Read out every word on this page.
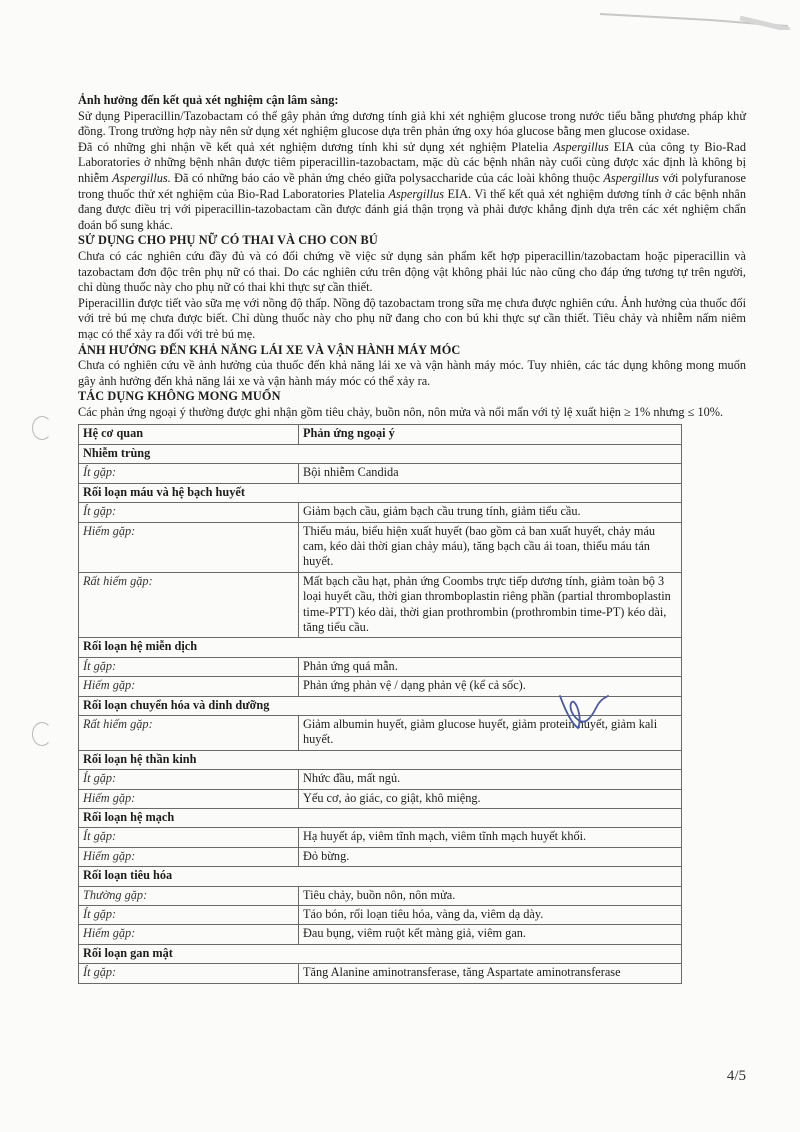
Ảnh hưởng đến kết quả xét nghiệm cận lâm sàng:

Sử dụng Piperacillin/Tazobactam có thể gây phản ứng dương tính giả khi xét nghiệm glucose trong nước tiểu bằng phương pháp khử đồng. Trong trường hợp này nên sử dụng xét nghiệm glucose dựa trên phản ứng oxy hóa glucose bằng men glucose oxidase.

Đã có những ghi nhận về kết quả xét nghiệm dương tính khi sử dụng xét nghiệm Platelia Aspergillus EIA của công ty Bio-Rad Laboratories ở những bệnh nhân được tiêm piperacillin-tazobactam, mặc dù các bệnh nhân này cuối cùng được xác định là không bị nhiễm Aspergillus. Đã có những báo cáo về phản ứng chéo giữa polysaccharide của các loài không thuộc Aspergillus với polyfuranose trong thuốc thử xét nghiệm của Bio-Rad Laboratories Platelia Aspergillus EIA. Vì thế kết quả xét nghiệm dương tính ở các bệnh nhân đang được điều trị với piperacillin-tazobactam cần được đánh giá thận trọng và phải được khẳng định dựa trên các xét nghiệm chẩn đoán bổ sung khác.

SỬ DỤNG CHO PHỤ NỮ CÓ THAI VÀ CHO CON BÚ

Chưa có các nghiên cứu đầy đủ và có đối chứng về việc sử dụng sản phẩm kết hợp piperacillin/tazobactam hoặc piperacillin và tazobactam đơn độc trên phụ nữ có thai. Do các nghiên cứu trên động vật không phải lúc nào cũng cho đáp ứng tương tự trên người, chỉ dùng thuốc này cho phụ nữ có thai khi thực sự cần thiết.

Piperacillin được tiết vào sữa mẹ với nồng độ thấp. Nồng độ tazobactam trong sữa mẹ chưa được nghiên cứu. Ảnh hưởng của thuốc đối với trẻ bú mẹ chưa được biết. Chỉ dùng thuốc này cho phụ nữ đang cho con bú khi thực sự cần thiết. Tiêu chảy và nhiễm nấm niêm mạc có thể xảy ra đối với trẻ bú mẹ.

ẢNH HƯỞNG ĐẾN KHẢ NĂNG LÁI XE VÀ VẬN HÀNH MÁY MÓC

Chưa có nghiên cứu về ảnh hưởng của thuốc đến khả năng lái xe và vận hành máy móc. Tuy nhiên, các tác dụng không mong muốn gây ảnh hưởng đến khả năng lái xe và vận hành máy móc có thể xảy ra.

TÁC DỤNG KHÔNG MONG MUỐN

Các phản ứng ngoại ý thường được ghi nhận gồm tiêu chảy, buồn nôn, nôn mửa và nổi mẩn với tỷ lệ xuất hiện ≥ 1% nhưng ≤ 10%.

Hệ cơ quan	Phản ứng ngoại ý
Nhiễm trùng	
Ít gặp:	Bội nhiễm Candida
Rối loạn máu và hệ bạch huyết	
Ít gặp:	Giảm bạch cầu, giảm bạch cầu trung tính, giảm tiểu cầu.
Hiếm gặp:	Thiếu máu, biểu hiện xuất huyết (bao gồm cả ban xuất huyết, chảy máu cam, kéo dài thời gian chảy máu), tăng bạch cầu ái toan, thiếu máu tán huyết.
Rất hiếm gặp:	Mất bạch cầu hạt, phản ứng Coombs trực tiếp dương tính, giảm toàn bộ 3 loại huyết cầu, thời gian thromboplastin riêng phần (partial thromboplastin time-PTT) kéo dài, thời gian prothrombin (prothrombin time-PT) kéo dài, tăng tiểu cầu.
Rối loạn hệ miễn dịch	
Ít gặp:	Phản ứng quá mẫn.
Hiếm gặp:	Phản ứng phản vệ / dạng phản vệ (kể cả sốc).
Rối loạn chuyển hóa và dinh dưỡng	
Rất hiếm gặp:	Giảm albumin huyết, giảm glucose huyết, giảm protein huyết, giảm kali huyết.
Rối loạn hệ thần kinh	
Ít gặp:	Nhức đầu, mất ngủ.
Hiếm gặp:	Yếu cơ, ảo giác, co giật, khô miệng.
Rối loạn hệ mạch	
Ít gặp:	Hạ huyết áp, viêm tĩnh mạch, viêm tĩnh mạch huyết khối.
Hiếm gặp:	Đỏ bừng.
Rối loạn tiêu hóa	
Thường gặp:	Tiêu chảy, buồn nôn, nôn mửa.
Ít gặp:	Táo bón, rối loạn tiêu hóa, vàng da, viêm dạ dày.
Hiếm gặp:	Đau bụng, viêm ruột kết màng giả, viêm gan.
Rối loạn gan mật	
Ít gặp:	Tăng Alanine aminotransferase, tăng Aspartate aminotransferase
4/5
